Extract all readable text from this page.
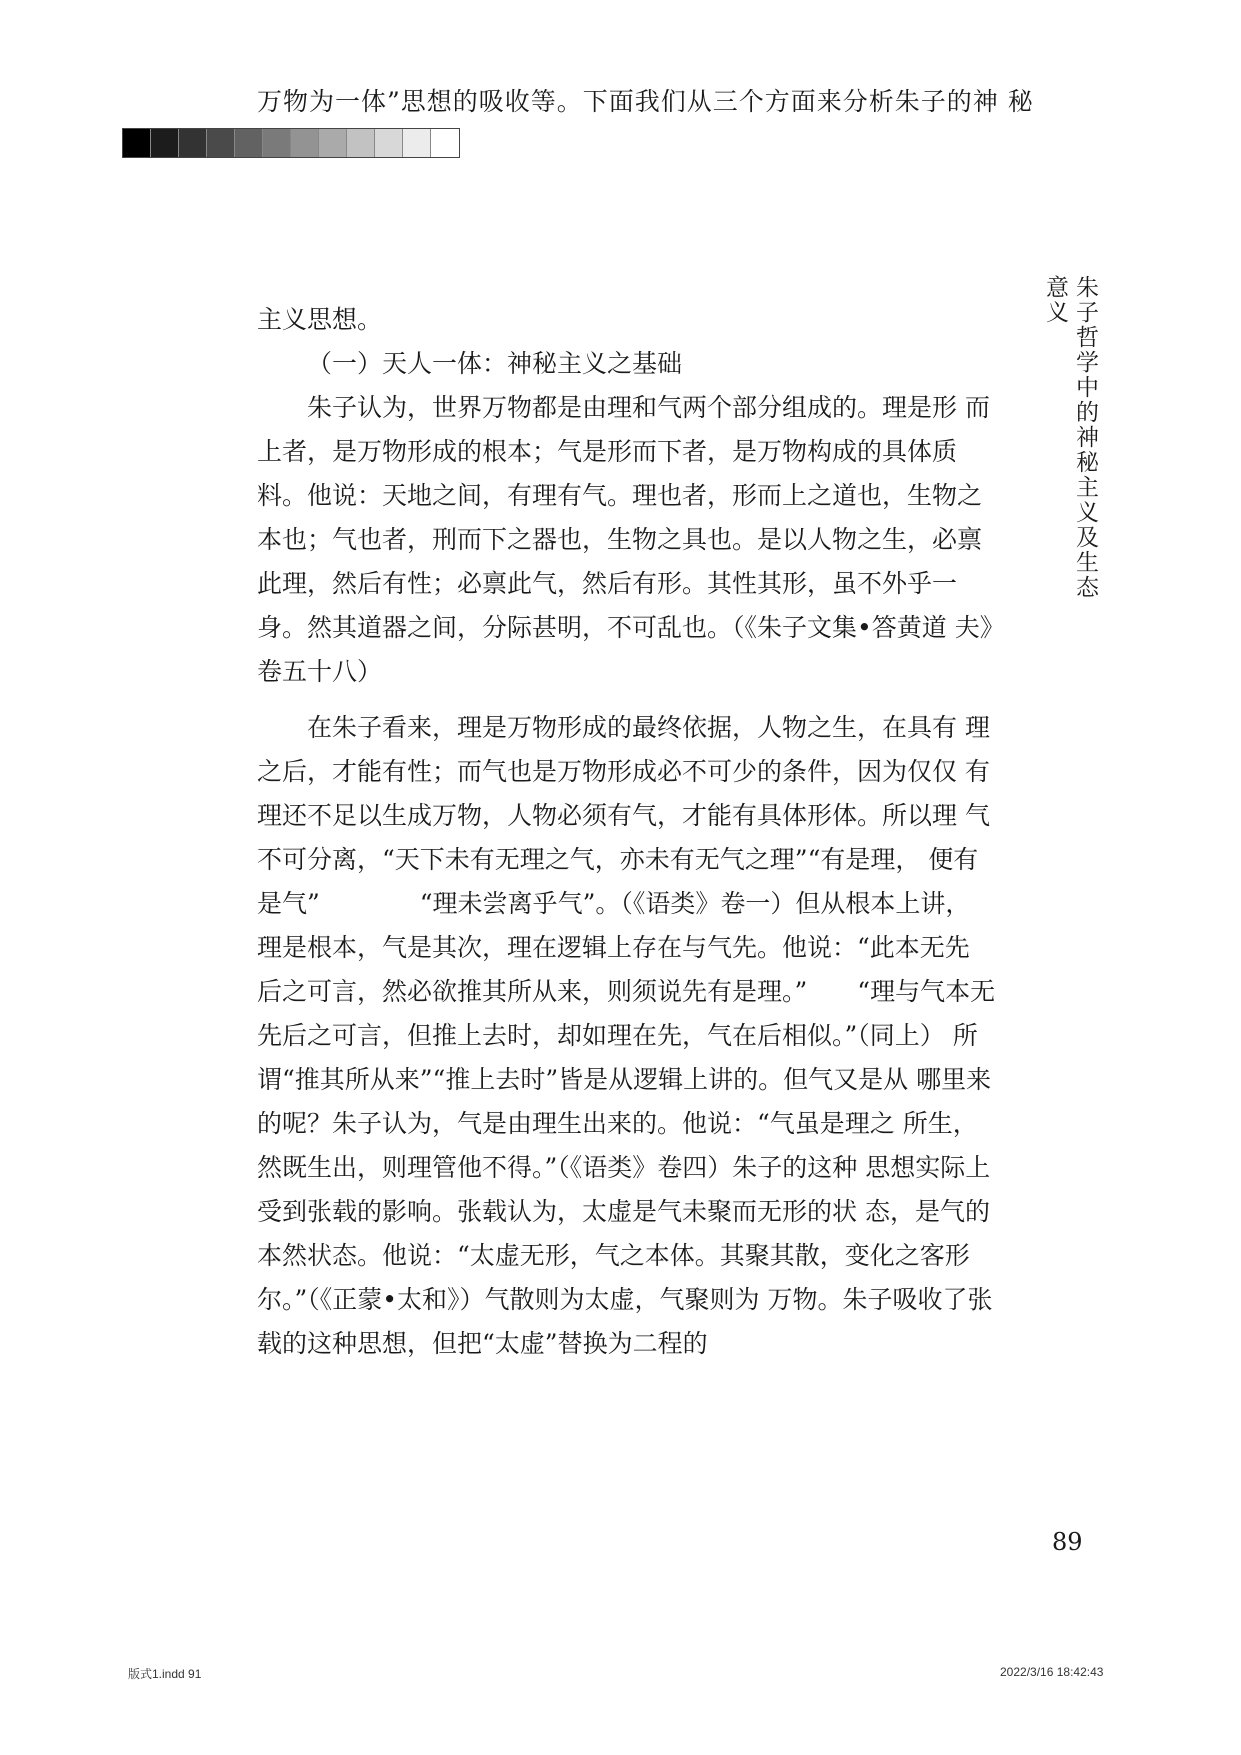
万物为一体”思想的吸收等。下面我们从三个方面来分析朱子的神 秘
朱子哲学中的神秘主义及生态意义

主义思想。

（一）天人一体：神秘主义之基础

朱子认为，世界万物都是由理和气两个部分组成的。理是形 而上者，是万物形成的根本；气是形而下者，是万物构成的具体质 料。他说：天地之间，有理有气。理也者，形而上之道也，生物之 本也；气也者，刑而下之器也，生物之具也。是以人物之生，必禀 此理，然后有性；必禀此气，然后有形。其性其形，虽不外乎一 身。然其道器之间，分际甚明，不可乱也。（《朱子文集•答黄道 夫》卷五十八）

在朱子看来，理是万物形成的最终依据，人物之生，在具有 理之后，才能有性；而气也是万物形成必不可少的条件，因为仅仅 有理还不足以生成万物，人物必须有气，才能有具体形体。所以理 气不可分离，“天下未有无理之气，亦未有无气之理”“有是理， 便有是气”　　　　“理未尝离乎气”。（《语类》卷一）但从根本上讲，

理是根本，气是其次，理在逻辑上存在与气先。他说：“此本无先 后之可言，然必欲推其所从来，则须说先有是理。”　　“理与气本无先后之可言，但推上去时，却如理在先，气在后相似。”（同上） 所谓“推其所从来”“推上去时”皆是从逻辑上讲的。但气又是从 哪里来的呢？朱子认为，气是由理生出来的。他说：“气虽是理之 所生，然既生出，则理管他不得。”（《语类》卷四）朱子的这种 思想实际上受到张载的影响。张载认为，太虚是气未聚而无形的状 态，是气的本然状态。他说：“太虚无形，气之本体。其聚其散，变化之客形尔。”（《正蒙•太和》）气散则为太虚，气聚则为 万物。朱子吸收了张载的这种思想，但把“太虚”替换为二程的

89
版式1.indd 91	2022/3/16 18:42:43
